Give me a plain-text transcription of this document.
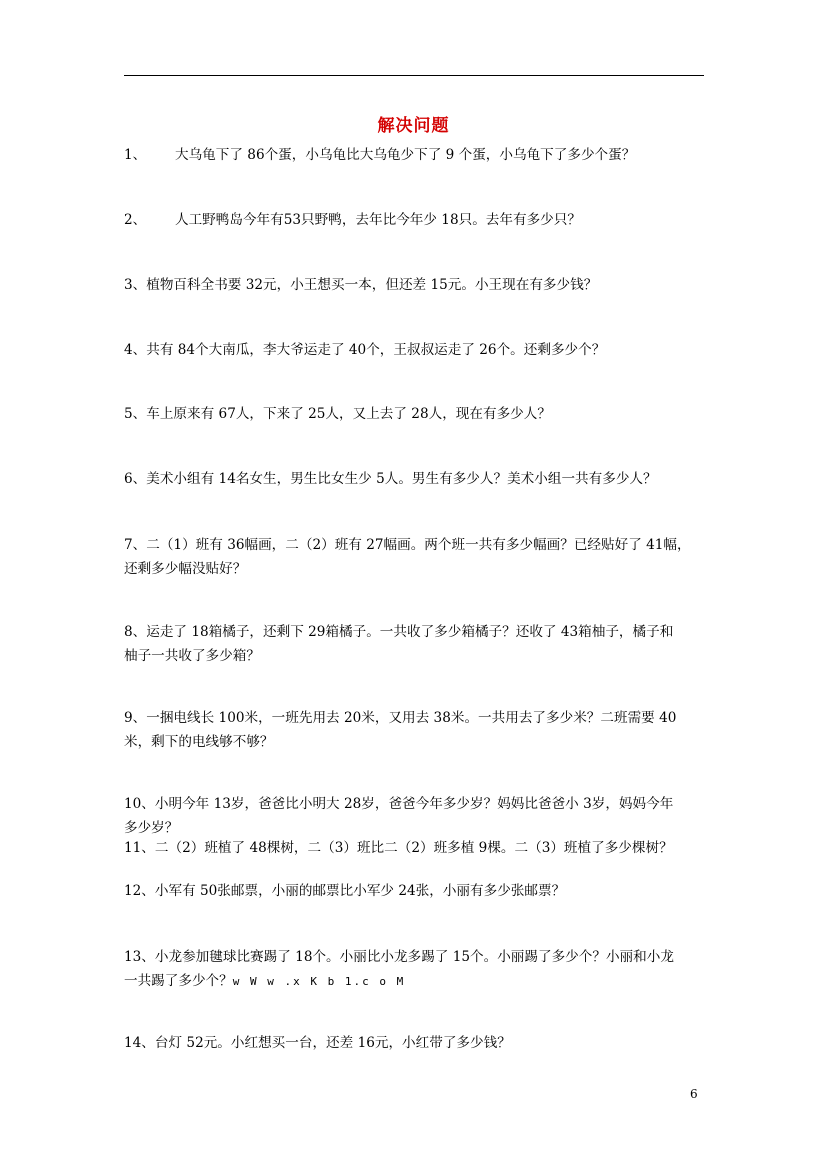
解决问题
1、 大乌龟下了 86个蛋，小乌龟比大乌龟少下了 9 个蛋，小乌龟下了多少个蛋？
2、 人工野鸭岛今年有53只野鸭，去年比今年少 18只。去年有多少只？
3、植物百科全书要 32元，小王想买一本，但还差 15元。小王现在有多少钱？
4、共有 84个大南瓜，李大爷运走了 40个，王叔叔运走了 26个。还剩多少个？
5、车上原来有 67人，下来了 25人，又上去了 28人，现在有多少人？
6、美术小组有 14名女生，男生比女生少 5人。男生有多少人？美术小组一共有多少人？
7、二（1）班有 36幅画，二（2）班有 27幅画。两个班一共有多少幅画？已经贴好了 41幅，
还剩多少幅没贴好？
8、运走了 18箱橘子，还剩下 29箱橘子。一共收了多少箱橘子？还收了 43箱柚子，橘子和
柚子一共收了多少箱？
9、一捆电线长 100米，一班先用去 20米，又用去 38米。一共用去了多少米？二班需要 40
米，剩下的电线够不够？
10、小明今年 13岁，爸爸比小明大 28岁，爸爸今年多少岁？妈妈比爸爸小 3岁，妈妈今年
多少岁？
11、二（2）班植了 48棵树，二（3）班比二（2）班多植 9棵。二（3）班植了多少棵树？
12、小军有 50张邮票，小丽的邮票比小军少 24张，小丽有多少张邮票？
13、小龙参加毽球比赛踢了 18个。小丽比小龙多踢了 15个。小丽踢了多少个？小丽和小龙
一共踢了多少个？w W w .x K b 1.c o M
14、台灯 52元。小红想买一台，还差 16元，小红带了多少钱？
6
